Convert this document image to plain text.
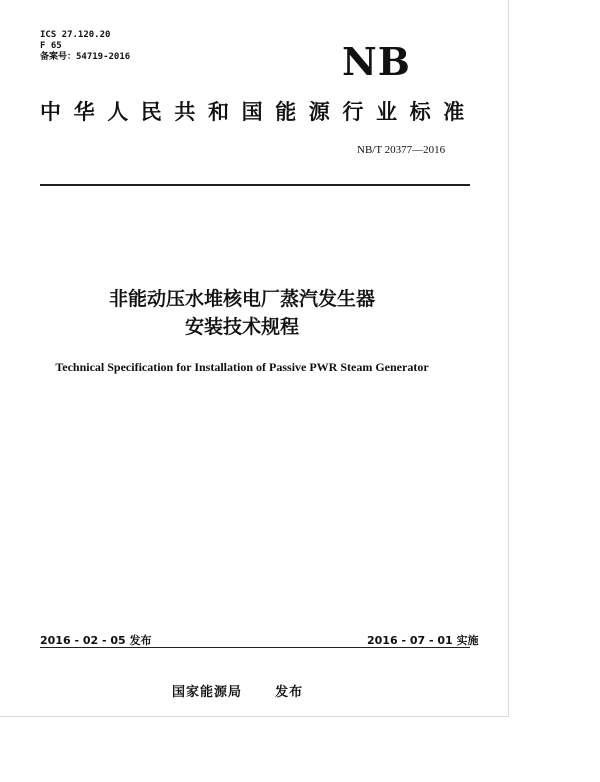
ICS 27.120.20
F 65
备案号：54719-2016	NB
中华人民共和国能源行业标准
NB/T 20377—2016
非能动压水堆核电厂蒸汽发生器
安装技术规程
Technical Specification for Installation of Passive PWR Steam Generator
2016 - 02 - 05 发布	2016 - 07 - 01 实施
国家能源局	发布
